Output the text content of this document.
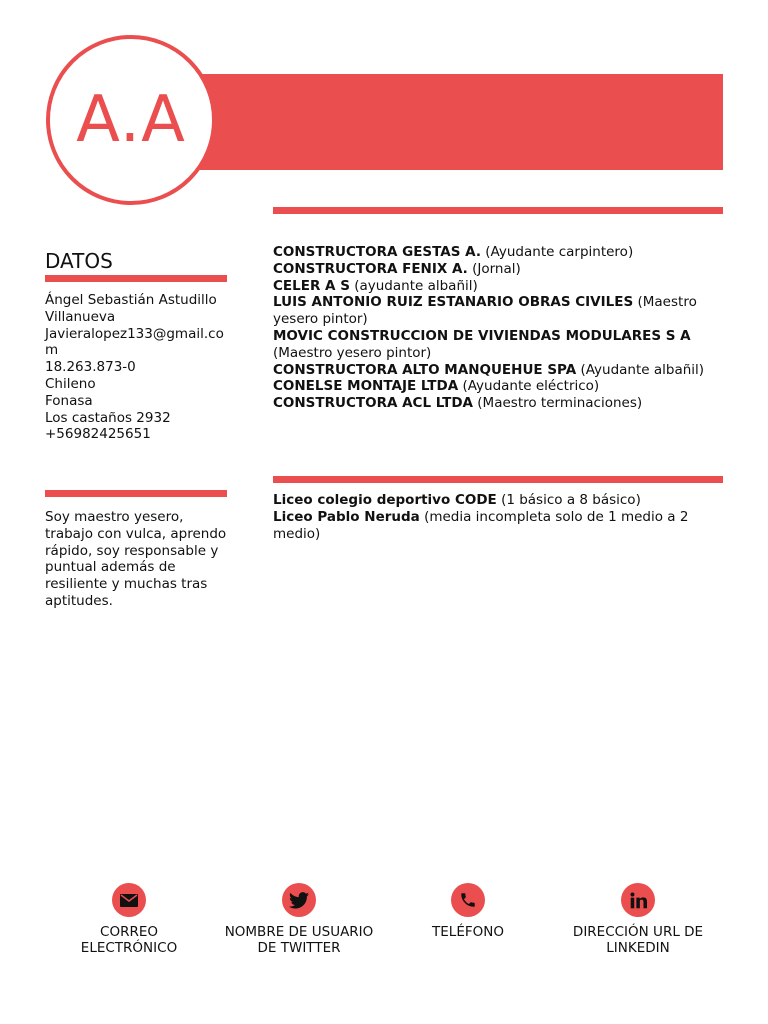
A.A
DATOS
Ángel Sebastián Astudillo Villanueva
Javieralopez133@gmail.com
18.263.873-0
Chileno
Fonasa
Los castaños 2932
+56982425651
Soy maestro yesero, trabajo con vulca, aprendo rápido, soy responsable y puntual además de resiliente y muchas tras aptitudes.
CONSTRUCTORA GESTAS A. (Ayudante carpintero)
CONSTRUCTORA FENIX A. (Jornal)
CELER A S (ayudante albañil)
LUIS ANTONIO RUIZ ESTANARIO OBRAS CIVILES (Maestro yesero pintor)
MOVIC CONSTRUCCION DE VIVIENDAS MODULARES S A (Maestro yesero pintor)
CONSTRUCTORA ALTO MANQUEHUE SPA (Ayudante albañil)
CONELSE MONTAJE LTDA (Ayudante eléctrico)
CONSTRUCTORA ACL LTDA (Maestro terminaciones)
Liceo colegio deportivo CODE (1 básico a 8 básico)
Liceo Pablo Neruda (media incompleta solo de 1 medio a 2 medio)
CORREO ELECTRÓNICO
NOMBRE DE USUARIO DE TWITTER
TELÉFONO	DIRECCIÓN URL DE LINKEDIN
